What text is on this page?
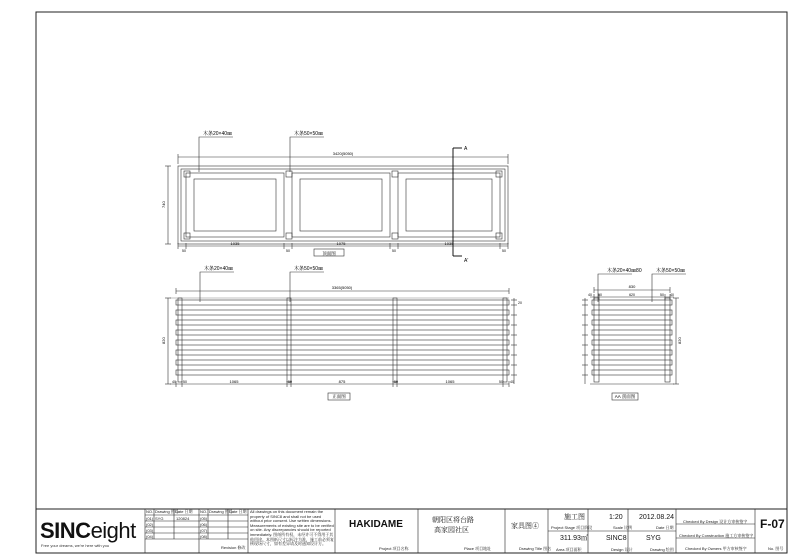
木条20×40㎜	木条50×50㎜
3420(5050)
740
50
1035
50
1075
50
1035
50
A
A'
顶面图
木条20×40㎜	木条50×50㎜
3365(5050)
820
40 50	1065	50	875	50	1065	50 40
20
正面图
木条20×40㎜80	木条50×50㎜
830
40 50	620	50 40
820
AA 剖面图
SINCeight
Free your dreams, we're here with you
NO. Drawing 图号
Date 日期
(01) SYG	120824
(02)
(03)
(04)
NO. Drawing 图号
Date 日期
(05)
(06)
(07)
(08)
Revision 修改
All drawings on this document remain the property of SINC8 and shall not be used without prior consent. Use written dimensions. Measurements of existing site are to be verified on site. Any discrepancies should be reported immediately. 图纸所有权，未经许可不得用于其他用途。本图纸尺寸以标注为准，施工前必须复核现场尺寸，如有差异请及时通知设计方。
HAKIDAME
Project 项目名称
朝阳区将台路
高家园社区
Place 项目地址
家具图④
Drawing Title 图名
施工图
Project Stage 项目阶段
1:20
Scale 比例
2012.08.24
Date 日期
311.93㎡
Area 项目面积
SINC8
Design 设计
SYG
Drawing 绘图
Checked By Design 设计方审核签字
Checked By Construction 施工方审核签字
Checked By Owners 甲方审核签字
F-07
No. 图号
